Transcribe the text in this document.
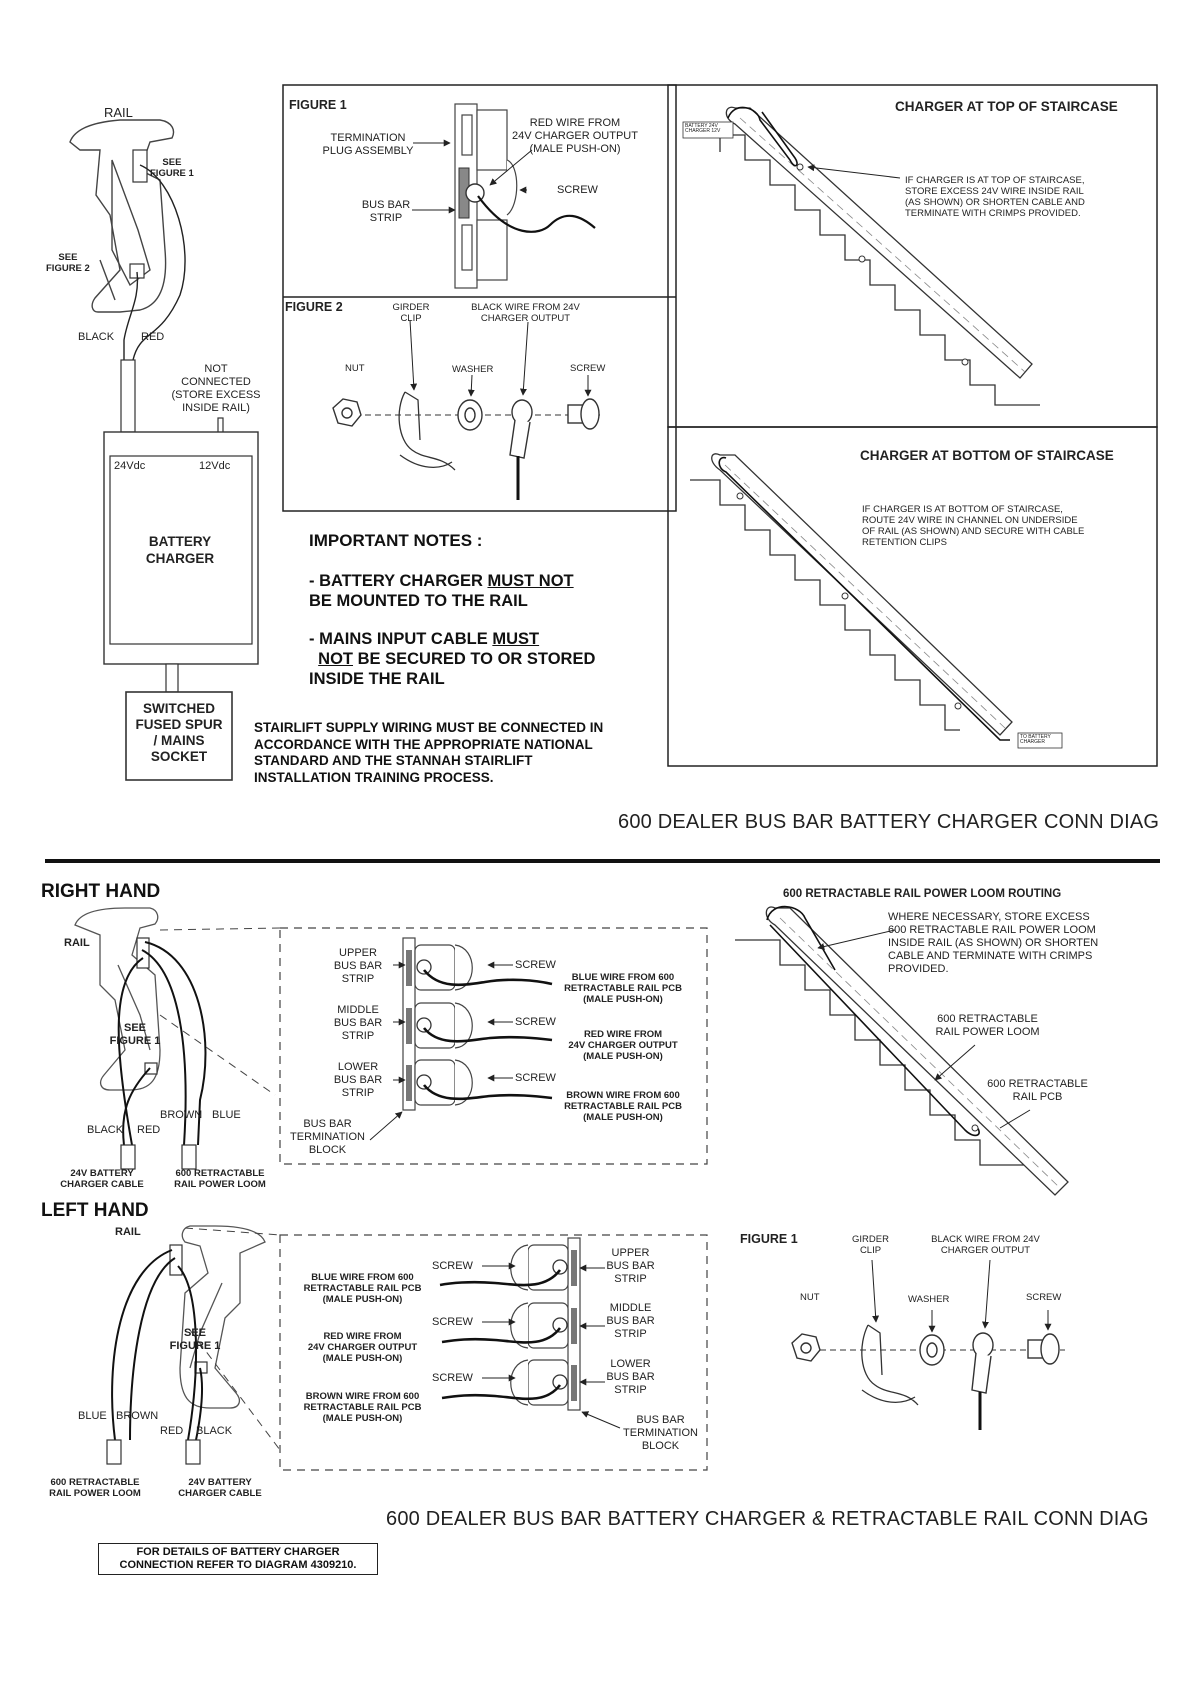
RAIL
SEE
FIGURE 1
SEE
FIGURE 2
BLACK RED
NOT
CONNECTED
(STORE EXCESS
INSIDE RAIL)
24Vdc	12Vdc
BATTERY
CHARGER
SWITCHED
FUSED SPUR
/ MAINS
SOCKET
FIGURE 1
TERMINATION
PLUG ASSEMBLY
RED WIRE FROM
24V CHARGER OUTPUT
(MALE PUSH-ON)
SCREW
BUS BAR
STRIP
FIGURE 2	GIRDER
CLIP
BLACK WIRE FROM 24V
CHARGER OUTPUT
NUT	WASHER	SCREW
IMPORTANT NOTES :
- BATTERY CHARGER MUST NOT
BE MOUNTED TO THE RAIL
- MAINS INPUT CABLE MUST
NOT BE SECURED TO OR STORED
INSIDE THE RAIL
STAIRLIFT SUPPLY WIRING MUST BE CONNECTED IN
ACCORDANCE WITH THE APPROPRIATE NATIONAL
STANDARD AND THE STANNAH STAIRLIFT
INSTALLATION TRAINING PROCESS.
CHARGER AT TOP OF STAIRCASE
BATTERY 24V
CHARGER 12V
IF CHARGER IS AT TOP OF STAIRCASE,
STORE EXCESS 24V WIRE INSIDE RAIL
(AS SHOWN) OR SHORTEN CABLE AND
TERMINATE WITH CRIMPS PROVIDED.
CHARGER AT BOTTOM OF STAIRCASE
TO BATTERY
CHARGER
IF CHARGER IS AT BOTTOM OF STAIRCASE,
ROUTE 24V WIRE IN CHANNEL ON UNDERSIDE
OF RAIL (AS SHOWN) AND SECURE WITH CABLE
RETENTION CLIPS
600 DEALER BUS BAR BATTERY CHARGER CONN DIAG
RIGHT HAND
RAIL
SEE
FIGURE 1
BROWN BLUE
BLACK RED
24V BATTERY
CHARGER CABLE
600 RETRACTABLE
RAIL POWER LOOM
UPPER
BUS BAR
STRIP
MIDDLE
BUS BAR
STRIP
LOWER
BUS BAR
STRIP
SCREW
SCREW
SCREW
BLUE WIRE FROM 600
RETRACTABLE RAIL PCB
(MALE PUSH-ON)
RED WIRE FROM
24V CHARGER OUTPUT
(MALE PUSH-ON)
BROWN WIRE FROM 600
RETRACTABLE RAIL PCB
(MALE PUSH-ON)
BUS BAR
TERMINATION
BLOCK
LEFT HAND
RAIL
SEE
FIGURE 1
BLUE BROWN
RED BLACK
600 RETRACTABLE
RAIL POWER LOOM
24V BATTERY
CHARGER CABLE
SCREW
SCREW
SCREW
UPPER
BUS BAR
STRIP
MIDDLE
BUS BAR
STRIP
LOWER
BUS BAR
STRIP
BLUE WIRE FROM 600
RETRACTABLE RAIL PCB
(MALE PUSH-ON)
RED WIRE FROM
24V CHARGER OUTPUT
(MALE PUSH-ON)
BROWN WIRE FROM 600
RETRACTABLE RAIL PCB
(MALE PUSH-ON)	BUS BAR
TERMINATION
BLOCK
600 RETRACTABLE RAIL POWER LOOM ROUTING
WHERE NECESSARY, STORE EXCESS
600 RETRACTABLE RAIL POWER LOOM
INSIDE RAIL (AS SHOWN) OR SHORTEN
CABLE AND TERMINATE WITH CRIMPS
PROVIDED.
600 RETRACTABLE
RAIL POWER LOOM
600 RETRACTABLE
RAIL PCB
FIGURE 1	GIRDER
CLIP
BLACK WIRE FROM 24V
CHARGER OUTPUT
NUT	WASHER	SCREW
600 DEALER BUS BAR BATTERY CHARGER & RETRACTABLE RAIL CONN DIAG
FOR DETAILS OF BATTERY CHARGER
CONNECTION REFER TO DIAGRAM 4309210.
